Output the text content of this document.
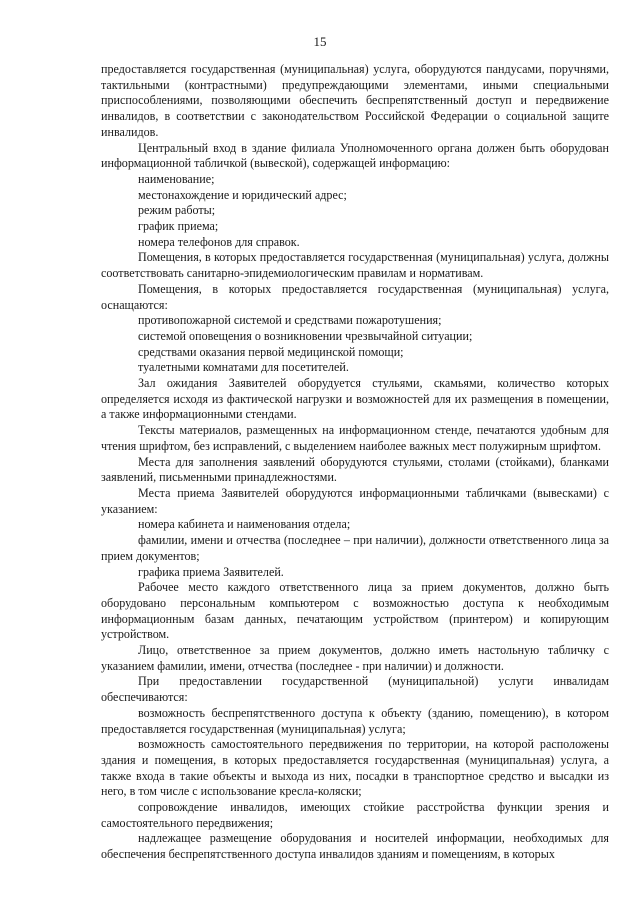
15

предоставляется государственная (муниципальная) услуга, оборудуются пандусами, поручнями, тактильными (контрастными) предупреждающими элементами, иными специальными приспособлениями, позволяющими обеспечить беспрепятственный доступ и передвижение инвалидов, в соответствии с законодательством Российской Федерации о социальной защите инвалидов.

Центральный вход в здание филиала Уполномоченного органа должен быть оборудован информационной табличкой (вывеской), содержащей информацию:

наименование;

местонахождение и юридический адрес;

режим работы;

график приема;

номера телефонов для справок.

Помещения, в которых предоставляется государственная (муниципальная) услуга, должны соответствовать санитарно-эпидемиологическим правилам и нормативам.

Помещения, в которых предоставляется государственная (муниципальная) услуга, оснащаются:

противопожарной системой и средствами пожаротушения;

системой оповещения о возникновении чрезвычайной ситуации;

средствами оказания первой медицинской помощи;

туалетными комнатами для посетителей.

Зал ожидания Заявителей оборудуется стульями, скамьями, количество которых определяется исходя из фактической нагрузки и возможностей для их размещения в помещении, а также информационными стендами.

Тексты материалов, размещенных на информационном стенде, печатаются удобным для чтения шрифтом, без исправлений, с выделением наиболее важных мест полужирным шрифтом.

Места для заполнения заявлений оборудуются стульями, столами (стойками), бланками заявлений, письменными принадлежностями.

Места приема Заявителей оборудуются информационными табличками (вывесками) с указанием:

номера кабинета и наименования отдела;

фамилии, имени и отчества (последнее – при наличии), должности ответственного лица за прием документов;

графика приема Заявителей.

Рабочее место каждого ответственного лица за прием документов, должно быть оборудовано персональным компьютером с возможностью доступа к необходимым информационным базам данных, печатающим устройством (принтером) и копирующим устройством.

Лицо, ответственное за прием документов, должно иметь настольную табличку с указанием фамилии, имени, отчества (последнее - при наличии) и должности.

При предоставлении государственной (муниципальной) услуги инвалидам обеспечиваются:

возможность беспрепятственного доступа к объекту (зданию, помещению), в котором предоставляется государственная (муниципальная) услуга;

возможность самостоятельного передвижения по территории, на которой расположены здания и помещения, в которых предоставляется государственная (муниципальная) услуга, а также входа в такие объекты и выхода из них, посадки в транспортное средство и высадки из него, в том числе с использование кресла-коляски;

сопровождение инвалидов, имеющих стойкие расстройства функции зрения и самостоятельного передвижения;

надлежащее размещение оборудования и носителей информации, необходимых для обеспечения беспрепятственного доступа инвалидов зданиям и помещениям, в которых
